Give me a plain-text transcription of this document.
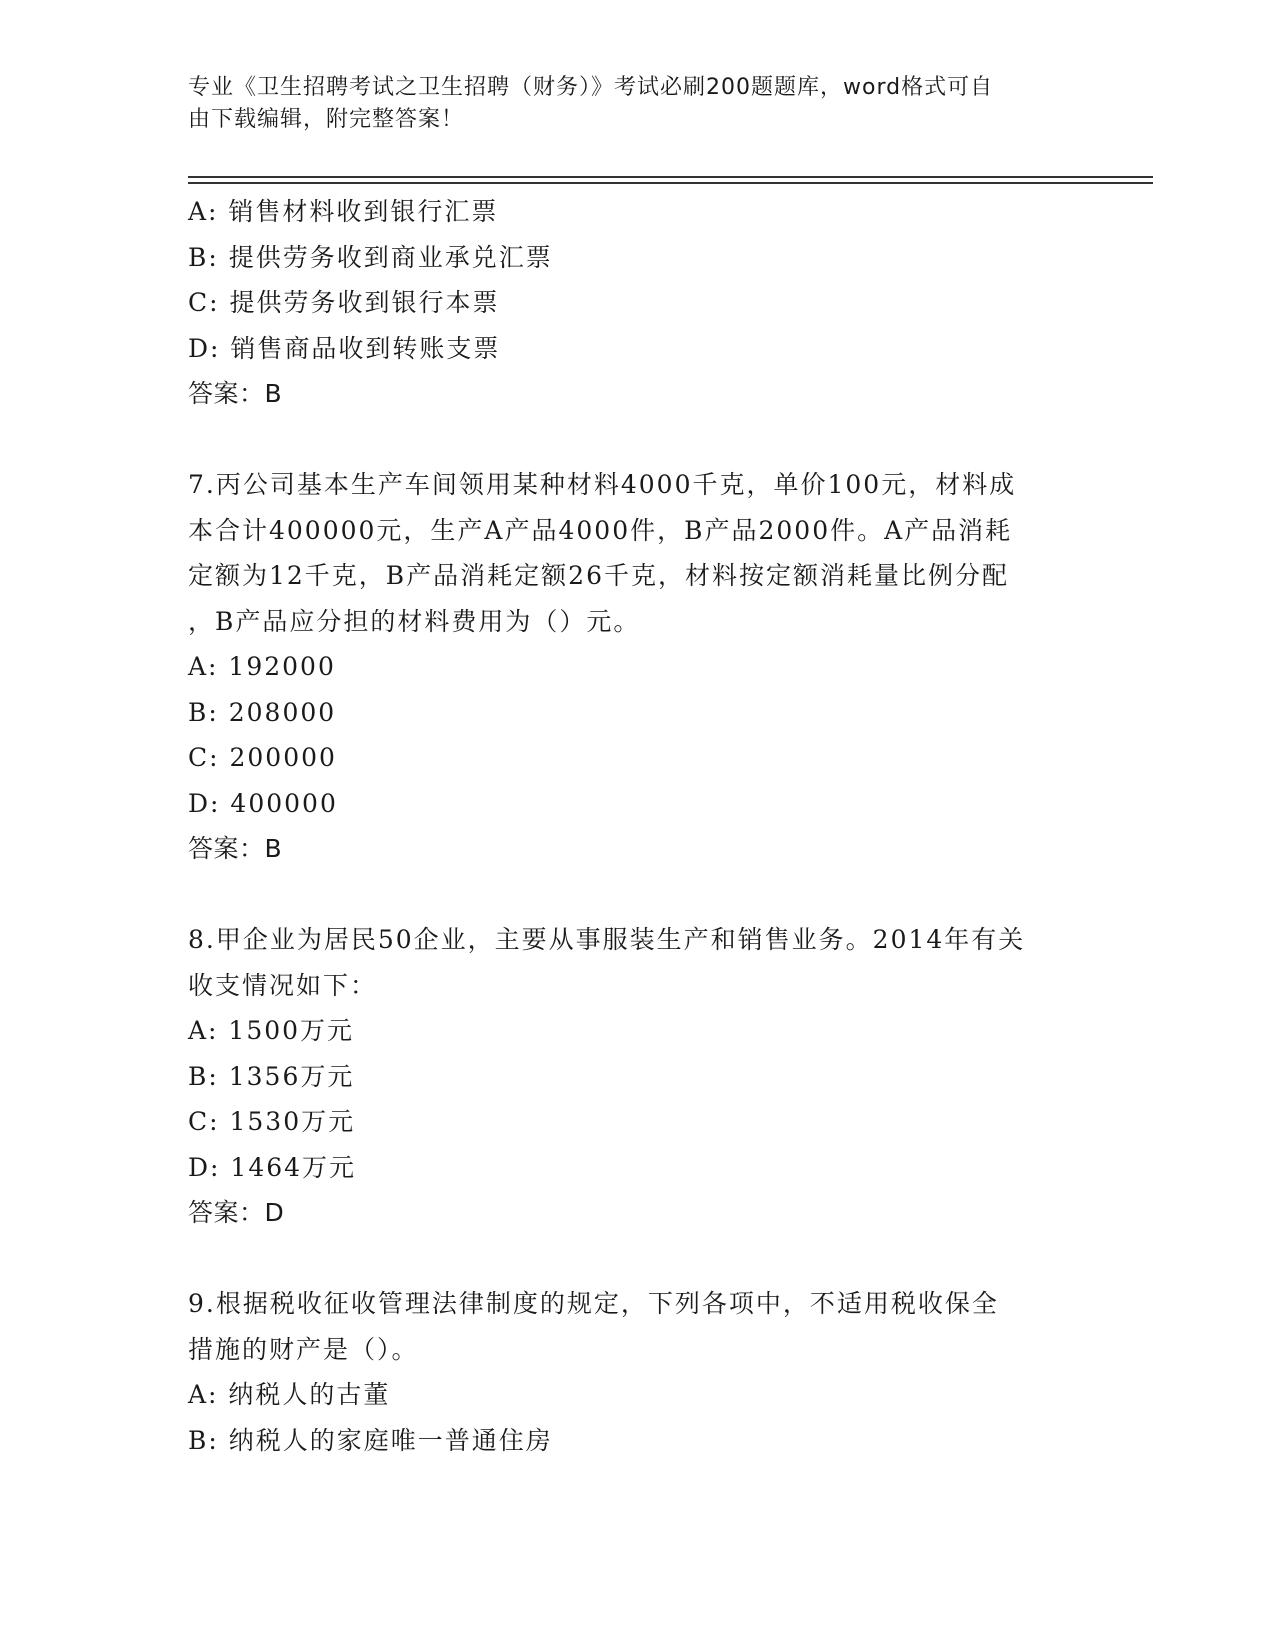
专业《卫生招聘考试之卫生招聘（财务）》考试必刷200题题库，word格式可自
由下载编辑，附完整答案！
A: 销售材料收到银行汇票
B: 提供劳务收到商业承兑汇票
C: 提供劳务收到银行本票
D: 销售商品收到转账支票
答案：B
7.丙公司基本生产车间领用某种材料4000千克，单价100元，材料成
本合计400000元，生产A产品4000件，B产品2000件。A产品消耗
定额为12千克，B产品消耗定额26千克，材料按定额消耗量比例分配
，B产品应分担的材料费用为（）元。
A: 192000
B: 208000
C: 200000
D: 400000
答案：B
8.甲企业为居民50企业，主要从事服装生产和销售业务。2014年有关
收支情况如下：
A: 1500万元
B: 1356万元
C: 1530万元
D: 1464万元
答案：D
9.根据税收征收管理法律制度的规定，下列各项中，不适用税收保全
措施的财产是（）。
A: 纳税人的古董
B: 纳税人的家庭唯一普通住房
